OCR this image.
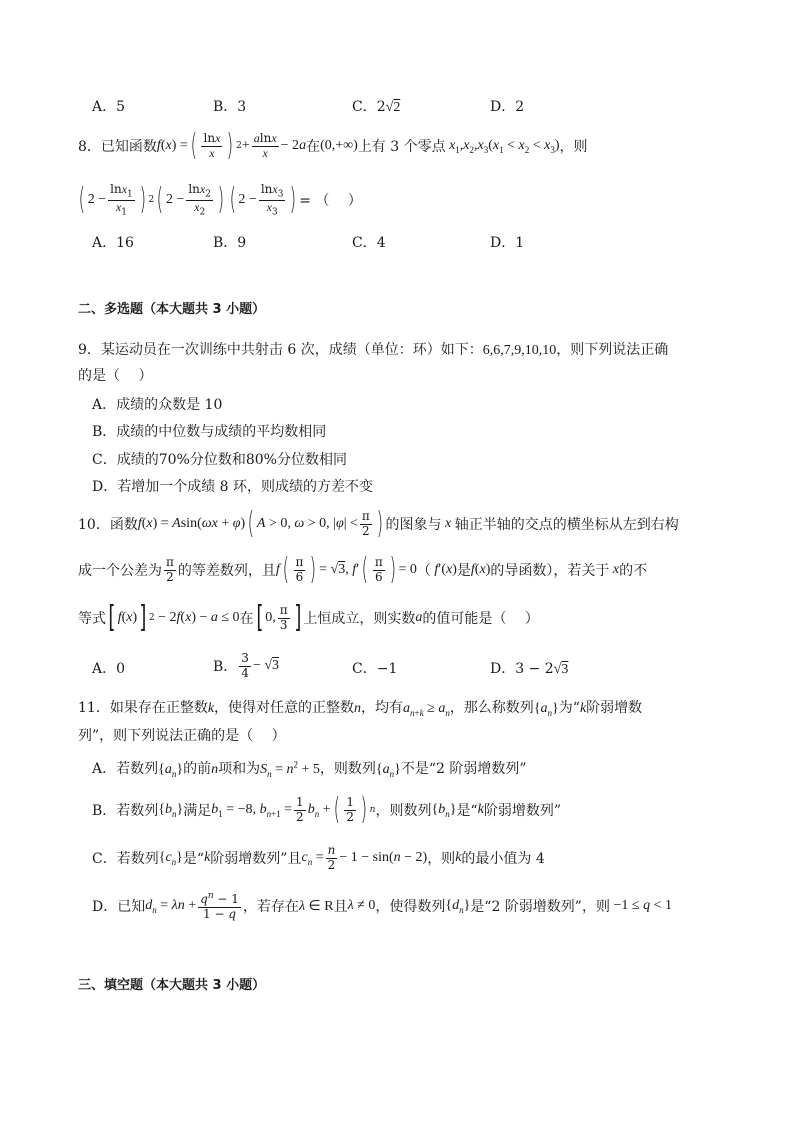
A．5	B．3	C．2√2	D．2
8．已知函数 f(x) = ( $\frac{\ln x}{x}$ ) $2 + \frac{alnx}{x} - 2a$ 在 (0,+∞) 上有 3 个零点 $x_1,x_2,x_3(x_1 < x_2 < x_3)$ ，则
( $2 - \frac{\ln x_1}{x_1}$ ) 2 ( $2 - \frac{\ln x_2}{x_2}$ ) ( $2 - \frac{\ln x_3}{x_3}$ ) = （　 ）
A．16	B．9	C．4	D．1
二、多选题（本大题共 3 小题）
9．某运动员在一次训练中共射击 6 次，成绩（单位：环）如下：6,6,7,9,10,10，则下列说法正确
的是（　 ）
A．成绩的众数是 10
B．成绩的中位数与成绩的平均数相同
C．成绩的70%分位数和80%分位数相同
D．若增加一个成绩 8 环，则成绩的方差不变
10．函数 f(x) = Asin(ωx + φ) ( A > 0, ω > 0, $|\varphi| < \frac{\pi}{2}$ ) 的图象与 x 轴正半轴的交点的横坐标从左到右构
成一个公差为 $\frac{\pi}{2}$ 的等差数列，且 f ( $\frac{\pi}{6}$ ) = √3, f′ ( $\frac{\pi}{6}$ ) = 0 （ f′(x) 是 f(x) 的导函数），若关于 x 的不
等式 [ f(x) ] 2 − 2f(x) − a ≤ 0 在 [ 0, $\frac{\pi}{3}$ ] 上恒成立，则实数 a 的值可能是（　 ）
A．0	B． $\frac{3}{4} - √3$	C．−1	D．3 − 2√3
11．如果存在正整数k，使得对任意的正整数n，均有$a_{n+k} \ge a_n$，那么称数列$\{a_n\}$为“k阶弱增数
列”，则下列说法正确的是（　 ）
A．若数列$\{a_n\}$的前n项和为$S_n = n^2 + 5$，则数列$\{a_n\}$不是“2 阶弱增数列”
B．若数列 $\{b_n\}$ 满足 $b_1 = -8$, $b_{n+1} = \frac{1}{2} b_n$ + ( $\frac{1}{2}$ ) n ，则数列 $\{b_n\}$ 是“ k 阶弱增数列”
C．若数列 $\{c_n\}$ 是“ k 阶弱增数列”且 $c_n = \frac{n}{2} - 1 - \sin(n - 2)$ ，则 k 的最小值为 4
D．已知 $d_n = \lambda n + \frac{q^n - 1}{1 - q}$ ，若存在 λ ∈ R 且 λ ≠ 0 ，使得数列 $\{d_n\}$ 是“2 阶弱增数列”，则 −1 ≤ q < 1
三、填空题（本大题共 3 小题）
